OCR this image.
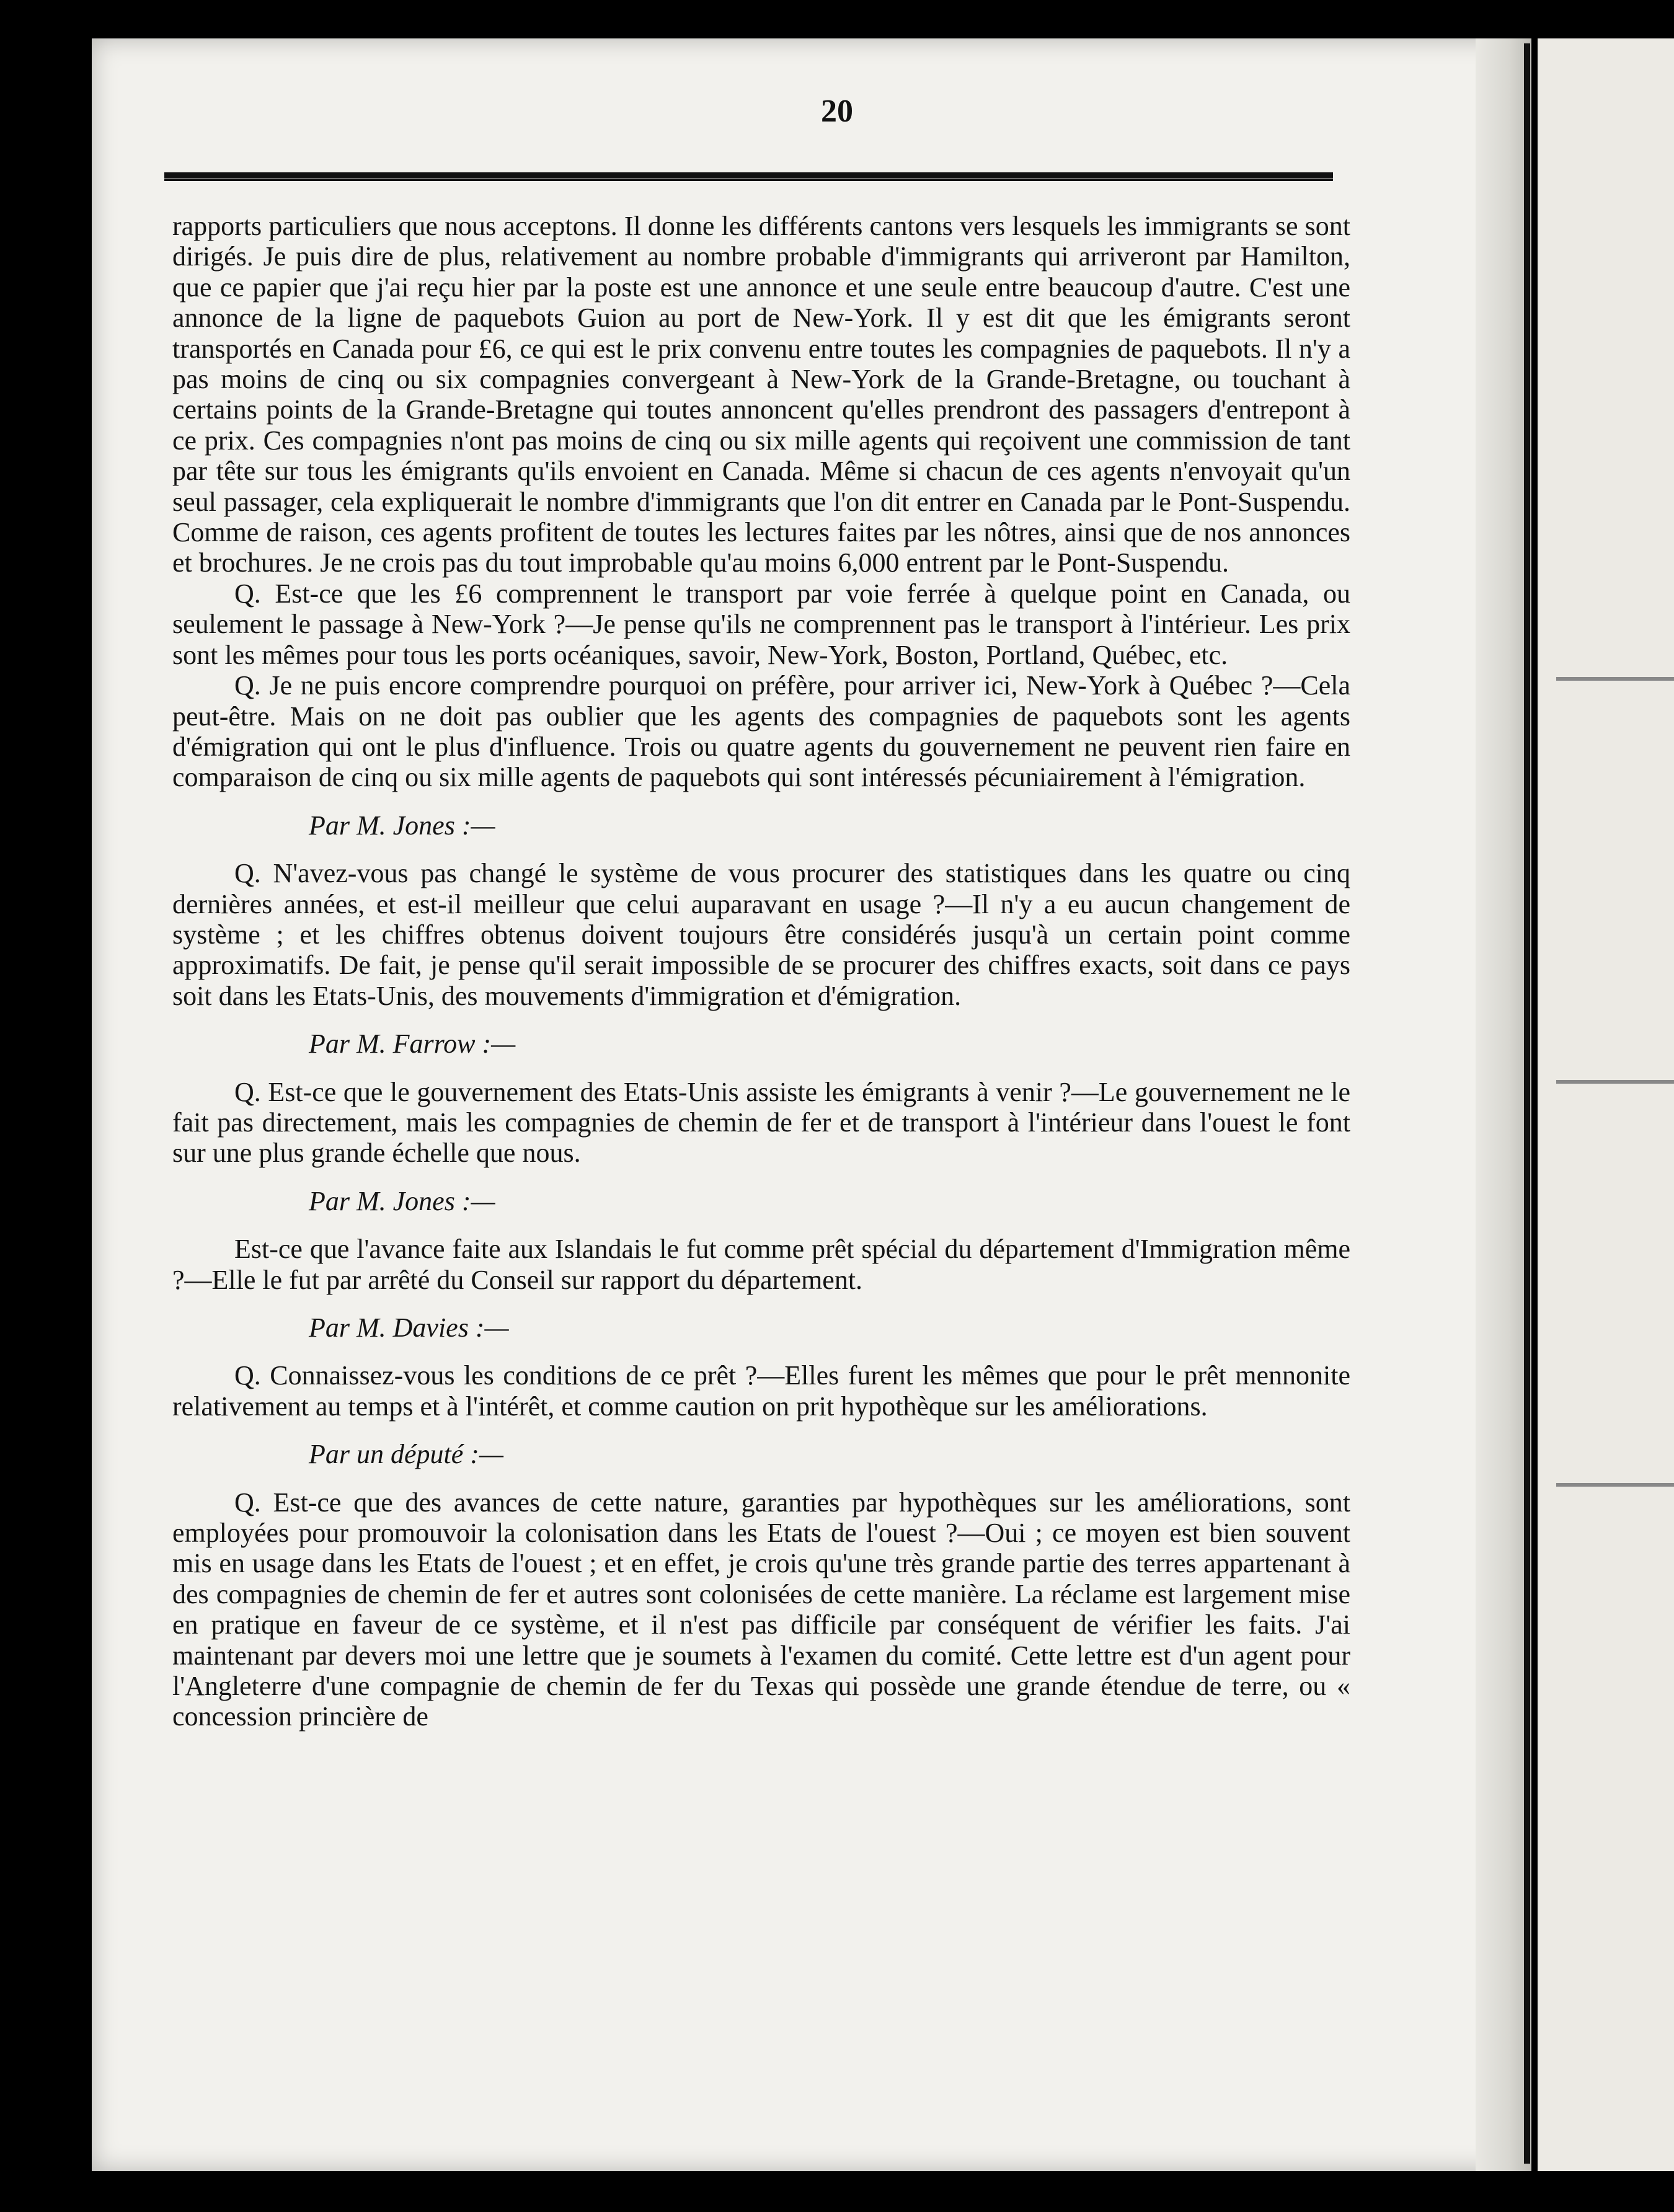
20

rapports particuliers que nous acceptons. Il donne les différents cantons vers lesquels les immigrants se sont dirigés. Je puis dire de plus, relativement au nombre probable d'immigrants qui arriveront par Hamilton, que ce papier que j'ai reçu hier par la poste est une annonce et une seule entre beaucoup d'autre. C'est une annonce de la ligne de paquebots Guion au port de New-York. Il y est dit que les émigrants seront transportés en Canada pour £6, ce qui est le prix convenu entre toutes les compagnies de paquebots. Il n'y a pas moins de cinq ou six compagnies convergeant à New-York de la Grande-Bretagne, ou touchant à certains points de la Grande-Bretagne qui toutes annoncent qu'elles prendront des passagers d'entrepont à ce prix. Ces compagnies n'ont pas moins de cinq ou six mille agents qui reçoivent une commission de tant par tête sur tous les émigrants qu'ils envoient en Canada. Même si chacun de ces agents n'envoyait qu'un seul passager, cela expliquerait le nombre d'immigrants que l'on dit entrer en Canada par le Pont-Suspendu. Comme de raison, ces agents profitent de toutes les lectures faites par les nôtres, ainsi que de nos annonces et brochures. Je ne crois pas du tout improbable qu'au moins 6,000 entrent par le Pont-Suspendu.

Q. Est-ce que les £6 comprennent le transport par voie ferrée à quelque point en Canada, ou seulement le passage à New-York ?—Je pense qu'ils ne comprennent pas le transport à l'intérieur. Les prix sont les mêmes pour tous les ports océaniques, savoir, New-York, Boston, Portland, Québec, etc.

Q. Je ne puis encore comprendre pourquoi on préfère, pour arriver ici, New-York à Québec ?—Cela peut-être. Mais on ne doit pas oublier que les agents des compagnies de paquebots sont les agents d'émigration qui ont le plus d'influence. Trois ou quatre agents du gouvernement ne peuvent rien faire en comparaison de cinq ou six mille agents de paquebots qui sont intéressés pécuniairement à l'émigration.

Par M. Jones :—

Q. N'avez-vous pas changé le système de vous procurer des statistiques dans les quatre ou cinq dernières années, et est-il meilleur que celui auparavant en usage ?—Il n'y a eu aucun changement de système ; et les chiffres obtenus doivent toujours être considérés jusqu'à un certain point comme approximatifs. De fait, je pense qu'il serait impossible de se procurer des chiffres exacts, soit dans ce pays soit dans les Etats-Unis, des mouvements d'immigration et d'émigration.

Par M. Farrow :—

Q. Est-ce que le gouvernement des Etats-Unis assiste les émigrants à venir ?—Le gouvernement ne le fait pas directement, mais les compagnies de chemin de fer et de transport à l'intérieur dans l'ouest le font sur une plus grande échelle que nous.

Par M. Jones :—

Est-ce que l'avance faite aux Islandais le fut comme prêt spécial du département d'Immigration même ?—Elle le fut par arrêté du Conseil sur rapport du département.

Par M. Davies :—

Q. Connaissez-vous les conditions de ce prêt ?—Elles furent les mêmes que pour le prêt mennonite relativement au temps et à l'intérêt, et comme caution on prit hypothèque sur les améliorations.

Par un député :—

Q. Est-ce que des avances de cette nature, garanties par hypothèques sur les améliorations, sont employées pour promouvoir la colonisation dans les Etats de l'ouest ?—Oui ; ce moyen est bien souvent mis en usage dans les Etats de l'ouest ; et en effet, je crois qu'une très grande partie des terres appartenant à des compagnies de chemin de fer et autres sont colonisées de cette manière. La réclame est largement mise en pratique en faveur de ce système, et il n'est pas difficile par conséquent de vérifier les faits. J'ai maintenant par devers moi une lettre que je soumets à l'examen du comité. Cette lettre est d'un agent pour l'Angleterre d'une compagnie de chemin de fer du Texas qui possède une grande étendue de terre, ou « concession princière de
